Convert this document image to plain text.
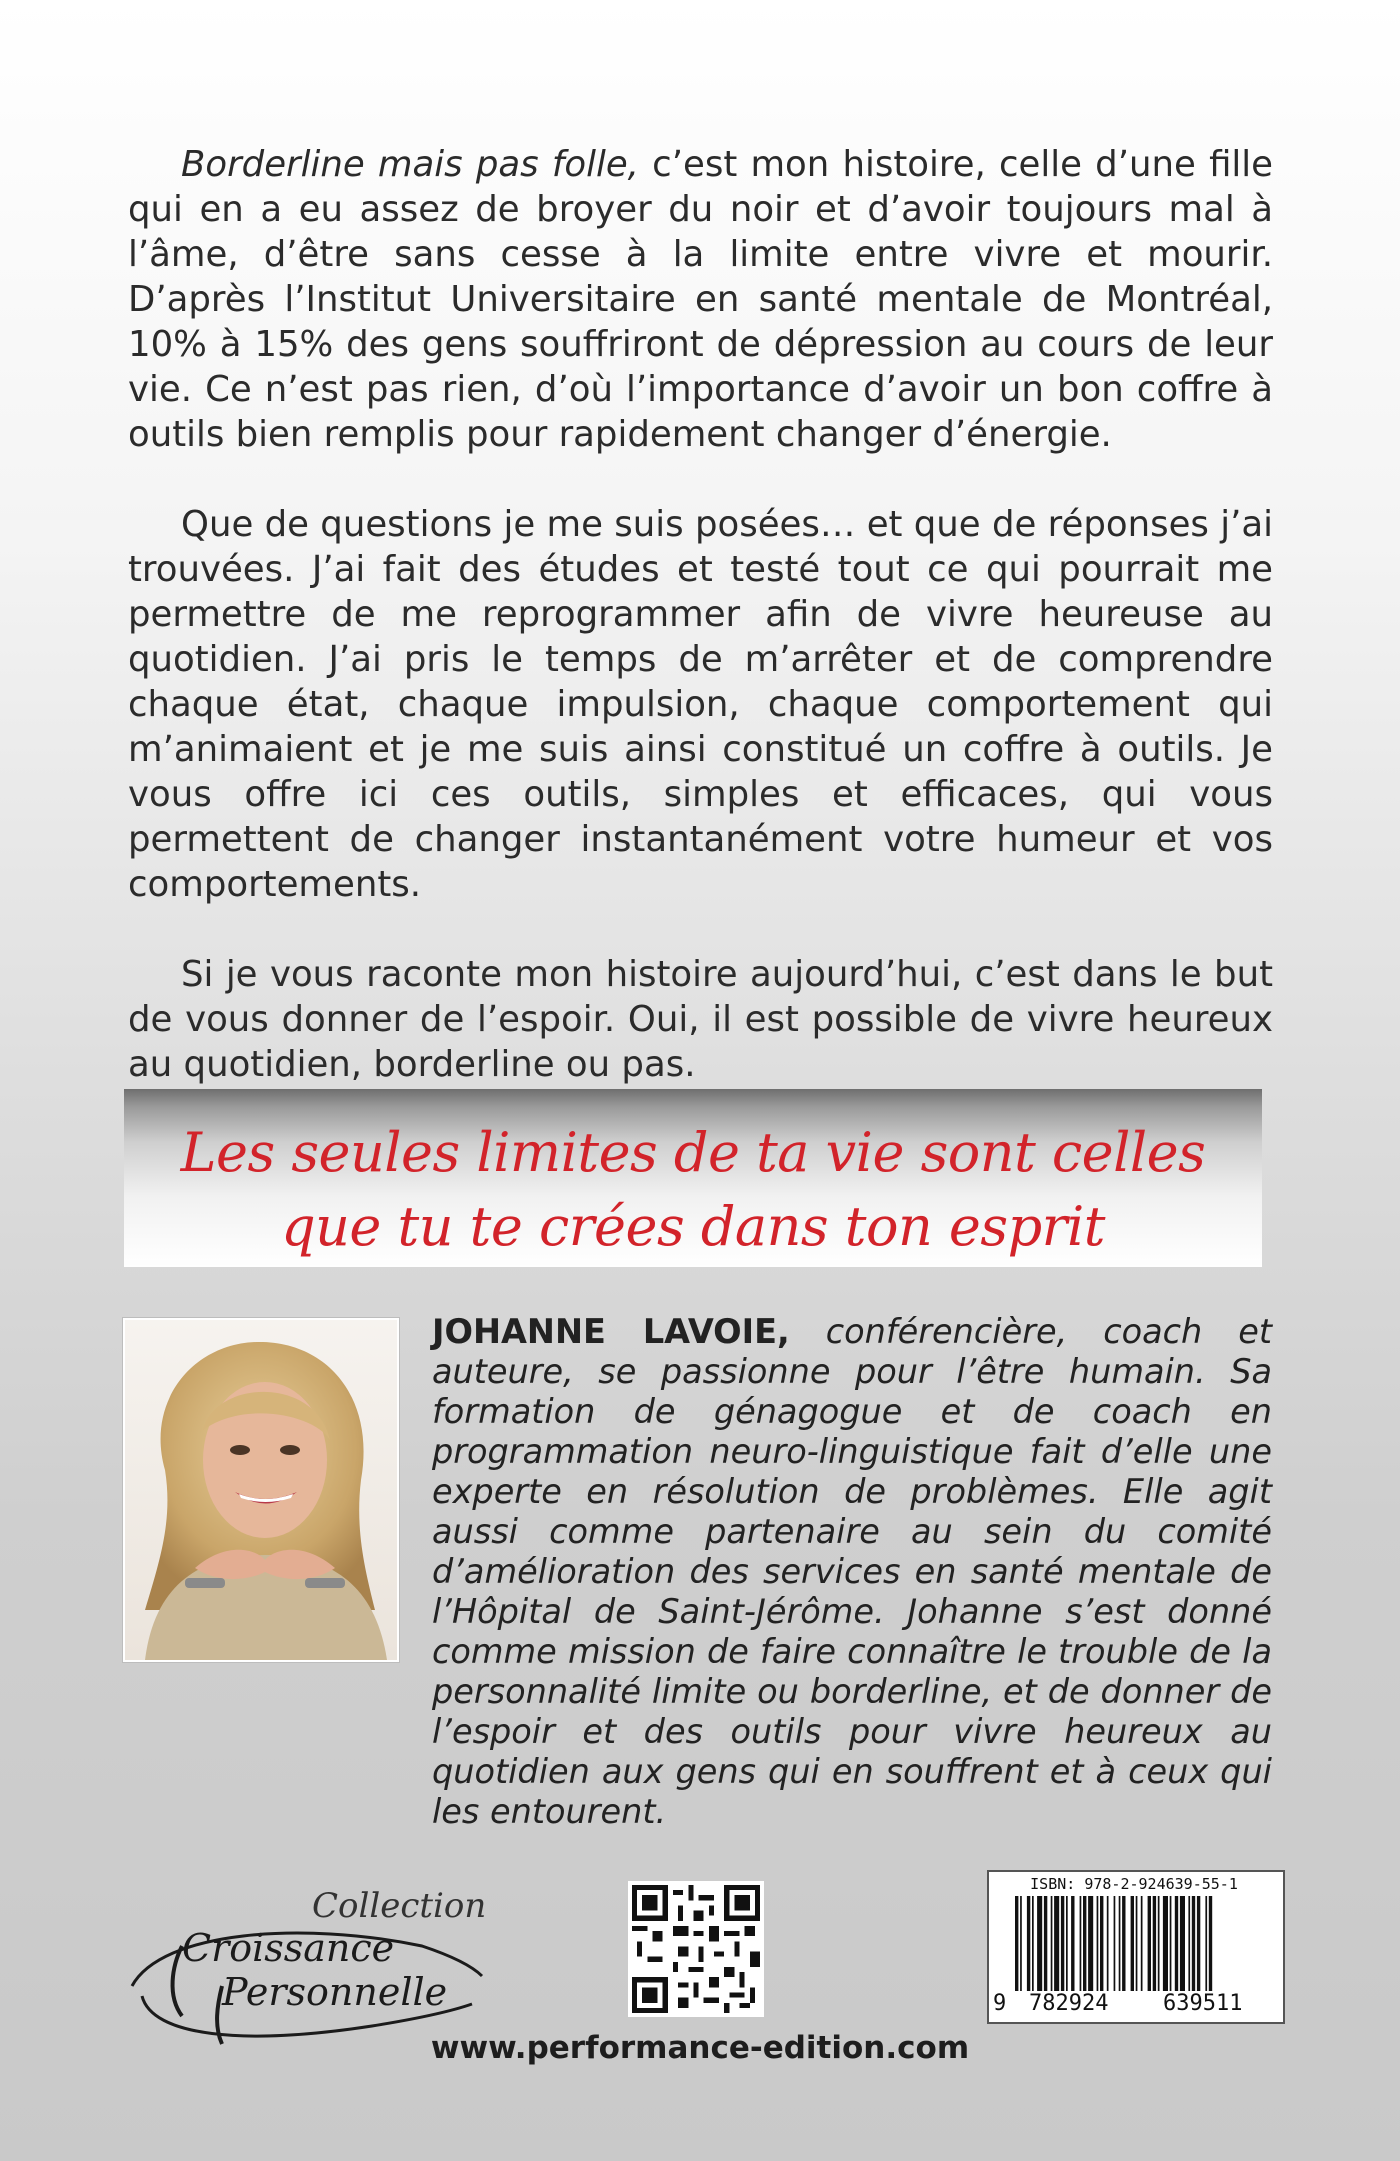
Borderline mais pas folle, c’est mon histoire, celle d’une fille qui en a eu assez de broyer du noir et d’avoir toujours mal à l’âme, d’être sans cesse à la limite entre vivre et mourir. D’après l’Institut Universitaire en santé mentale de Montréal, 10% à 15% des gens souffriront de dépression au cours de leur vie. Ce n’est pas rien, d’où l’importance d’avoir un bon coffre à outils bien remplis pour rapidement changer d’énergie.

Que de questions je me suis posées… et que de réponses j’ai trouvées. J’ai fait des études et testé tout ce qui pourrait me permettre de me reprogrammer afin de vivre heureuse au quotidien. J’ai pris le temps de m’arrêter et de comprendre chaque état, chaque impulsion, chaque comportement qui m’animaient et je me suis ainsi constitué un coffre à outils. Je vous offre ici ces outils, simples et efficaces, qui vous permettent de changer instantanément votre humeur et vos comportements.

Si je vous raconte mon histoire aujourd’hui, c’est dans le but de vous donner de l’espoir. Oui, il est possible de vivre heureux au quotidien, borderline ou pas.

Les seules limites de ta vie sont celles
que tu te crées dans ton esprit
JOHANNE LAVOIE, conférencière, coach et auteure, se passionne pour l’être humain. Sa formation de génagogue et de coach en programmation neuro-linguistique fait d’elle une experte en résolution de problèmes. Elle agit aussi comme partenaire au sein du comité d’amélioration des services en santé mentale de l’Hôpital de Saint-Jérôme. Johanne s’est donné comme mission de faire connaître le trouble de la personnalité limite ou borderline, et de donner de l’espoir et des outils pour vivre heureux au quotidien aux gens qui en souffrent et à ceux qui les entourent.
Collection
Croissance
Personnelle
ISBN: 978-2-924639-55-1
9 782924 639511
www.performance-edition.com
